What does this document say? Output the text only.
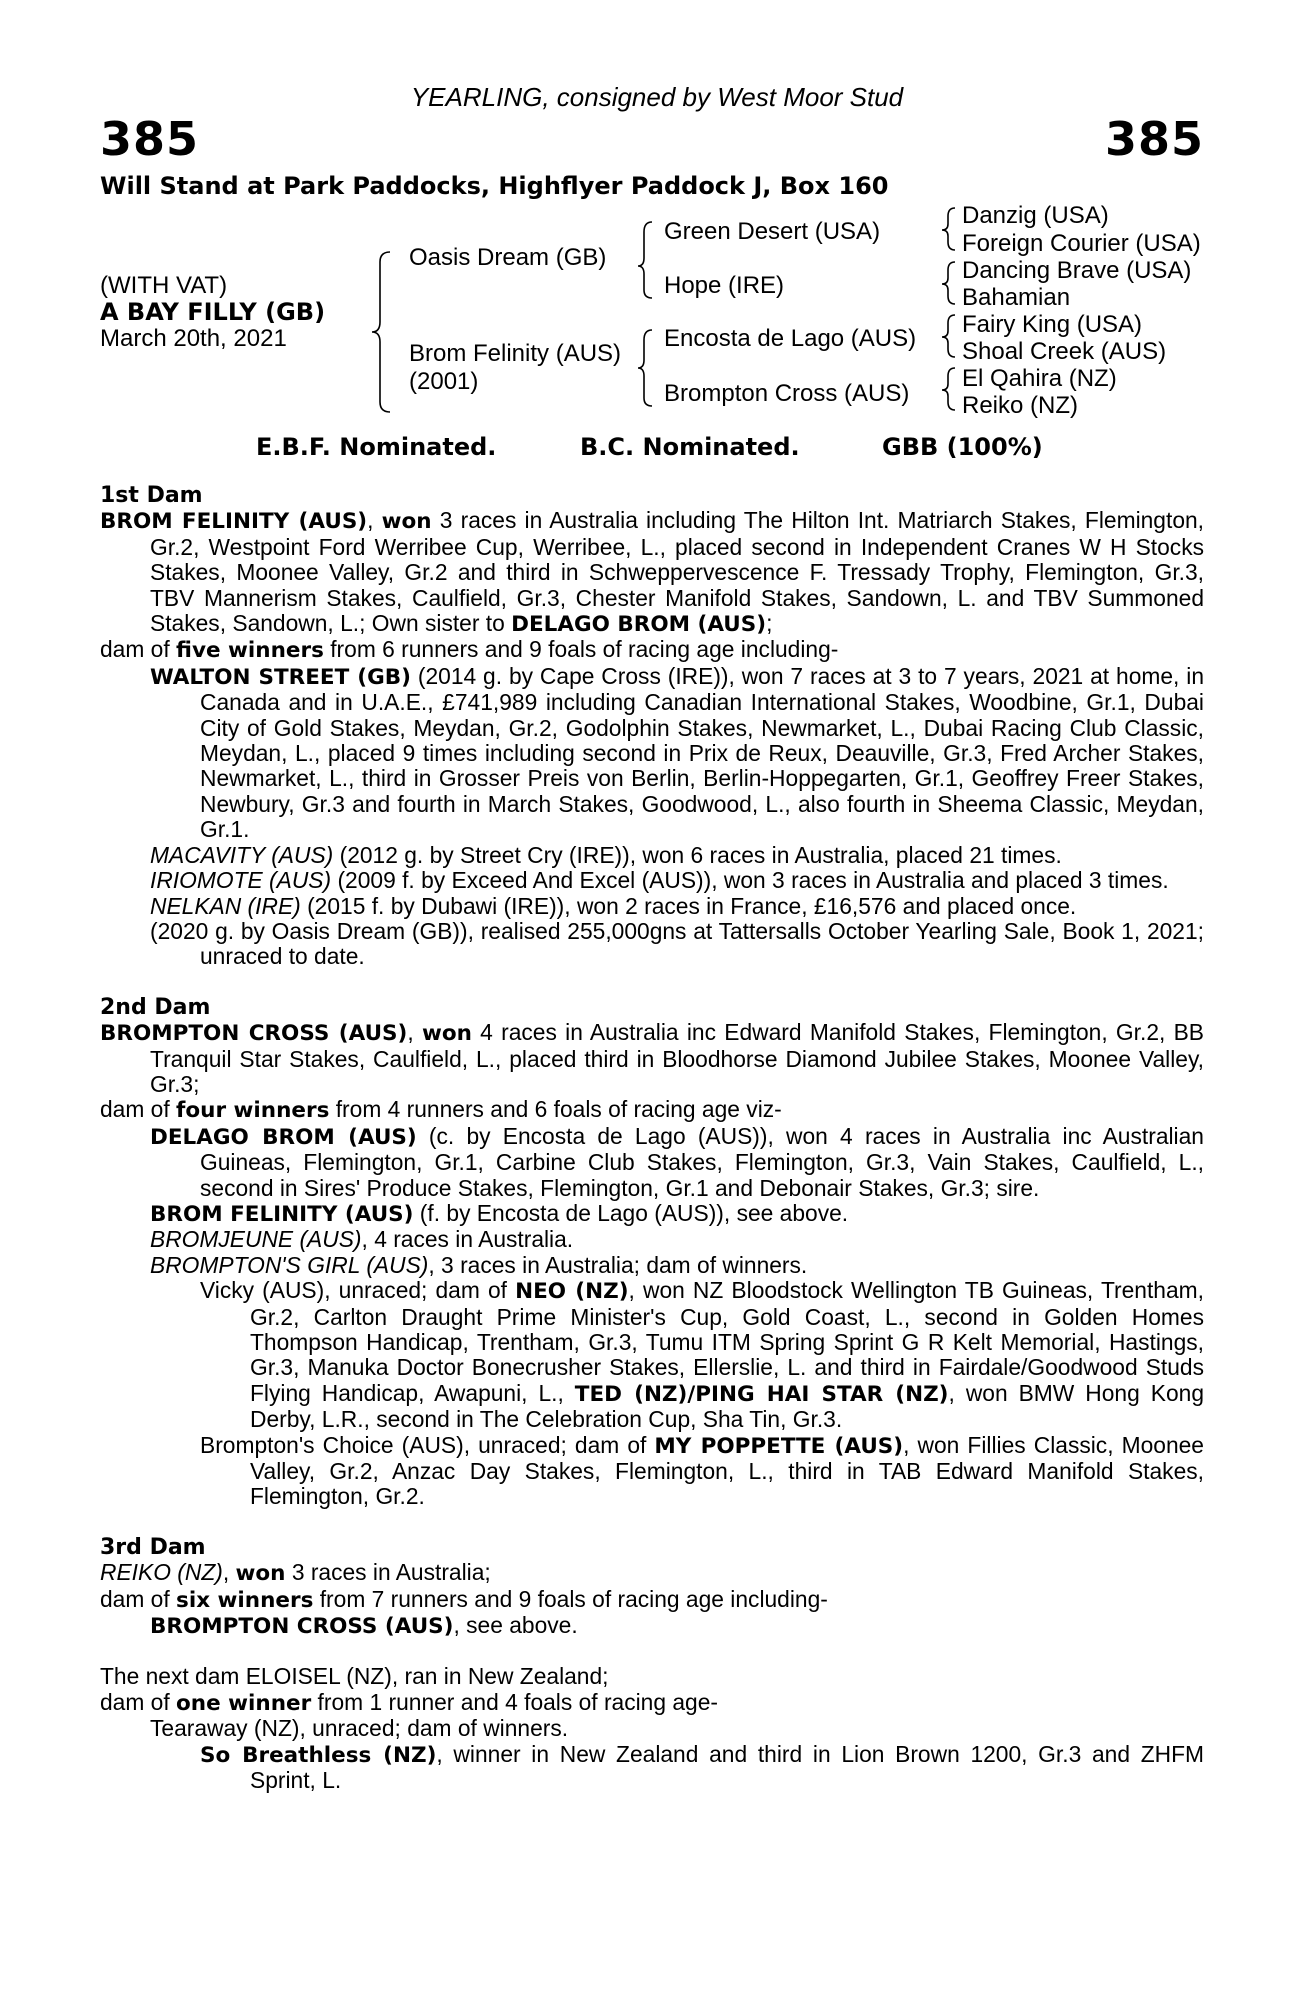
YEARLING, consigned by West Moor Stud
385	385
Will Stand at Park Paddocks, Highflyer Paddock J, Box 160
(WITH VAT)
A BAY FILLY (GB)
March 20th, 2021
Oasis Dream (GB)
Brom Felinity (AUS)
(2001)
Green Desert (USA)
Hope (IRE)
Encosta de Lago (AUS)
Brompton Cross (AUS)
Danzig (USA)
Foreign Courier (USA)
Dancing Brave (USA)
Bahamian
Fairy King (USA)
Shoal Creek (AUS)
El Qahira (NZ)
Reiko (NZ)
E.B.F. Nominated.	B.C. Nominated.	GBB (100%)

1st Dam

BROM FELINITY (AUS), won 3 races in Australia including The Hilton Int. Matriarch Stakes, Flemington, Gr.2, Westpoint Ford Werribee Cup, Werribee, L., placed second in Independent Cranes W H Stocks Stakes, Moonee Valley, Gr.2 and third in Schweppervescence F. Tressady Trophy, Flemington, Gr.3, TBV Mannerism Stakes, Caulfield, Gr.3, Chester Manifold Stakes, Sandown, L. and TBV Summoned Stakes, Sandown, L.; Own sister to DELAGO BROM (AUS);

dam of five winners from 6 runners and 9 foals of racing age including-

WALTON STREET (GB) (2014 g. by Cape Cross (IRE)), won 7 races at 3 to 7 years, 2021 at home, in Canada and in U.A.E., £741,989 including Canadian International Stakes, Woodbine, Gr.1, Dubai City of Gold Stakes, Meydan, Gr.2, Godolphin Stakes, Newmarket, L., Dubai Racing Club Classic, Meydan, L., placed 9 times including second in Prix de Reux, Deauville, Gr.3, Fred Archer Stakes, Newmarket, L., third in Grosser Preis von Berlin, Berlin-Hoppegarten, Gr.1, Geoffrey Freer Stakes, Newbury, Gr.3 and fourth in March Stakes, Goodwood, L., also fourth in Sheema Classic, Meydan, Gr.1.

MACAVITY (AUS) (2012 g. by Street Cry (IRE)), won 6 races in Australia, placed 21 times.

IRIOMOTE (AUS) (2009 f. by Exceed And Excel (AUS)), won 3 races in Australia and placed 3 times.

NELKAN (IRE) (2015 f. by Dubawi (IRE)), won 2 races in France, £16,576 and placed once.

(2020 g. by Oasis Dream (GB)), realised 255,000gns at Tattersalls October Yearling Sale, Book 1, 2021; unraced to date.

2nd Dam

BROMPTON CROSS (AUS), won 4 races in Australia inc Edward Manifold Stakes, Flemington, Gr.2, BB Tranquil Star Stakes, Caulfield, L., placed third in Bloodhorse Diamond Jubilee Stakes, Moonee Valley, Gr.3;

dam of four winners from 4 runners and 6 foals of racing age viz-

DELAGO BROM (AUS) (c. by Encosta de Lago (AUS)), won 4 races in Australia inc Australian Guineas, Flemington, Gr.1, Carbine Club Stakes, Flemington, Gr.3, Vain Stakes, Caulfield, L., second in Sires' Produce Stakes, Flemington, Gr.1 and Debonair Stakes, Gr.3; sire.

BROM FELINITY (AUS) (f. by Encosta de Lago (AUS)), see above.

BROMJEUNE (AUS), 4 races in Australia.

BROMPTON'S GIRL (AUS), 3 races in Australia; dam of winners.

Vicky (AUS), unraced; dam of NEO (NZ), won NZ Bloodstock Wellington TB Guineas, Trentham, Gr.2, Carlton Draught Prime Minister's Cup, Gold Coast, L., second in Golden Homes Thompson Handicap, Trentham, Gr.3, Tumu ITM Spring Sprint G R Kelt Memorial, Hastings, Gr.3, Manuka Doctor Bonecrusher Stakes, Ellerslie, L. and third in Fairdale/Goodwood Studs Flying Handicap, Awapuni, L., TED (NZ)/PING HAI STAR (NZ), won BMW Hong Kong Derby, L.R., second in The Celebration Cup, Sha Tin, Gr.3.

Brompton's Choice (AUS), unraced; dam of MY POPPETTE (AUS), won Fillies Classic, Moonee Valley, Gr.2, Anzac Day Stakes, Flemington, L., third in TAB Edward Manifold Stakes, Flemington, Gr.2.

3rd Dam

REIKO (NZ), won 3 races in Australia;

dam of six winners from 7 runners and 9 foals of racing age including-

BROMPTON CROSS (AUS), see above.

The next dam ELOISEL (NZ), ran in New Zealand;

dam of one winner from 1 runner and 4 foals of racing age-

Tearaway (NZ), unraced; dam of winners.

So Breathless (NZ), winner in New Zealand and third in Lion Brown 1200, Gr.3 and ZHFM Sprint, L.
